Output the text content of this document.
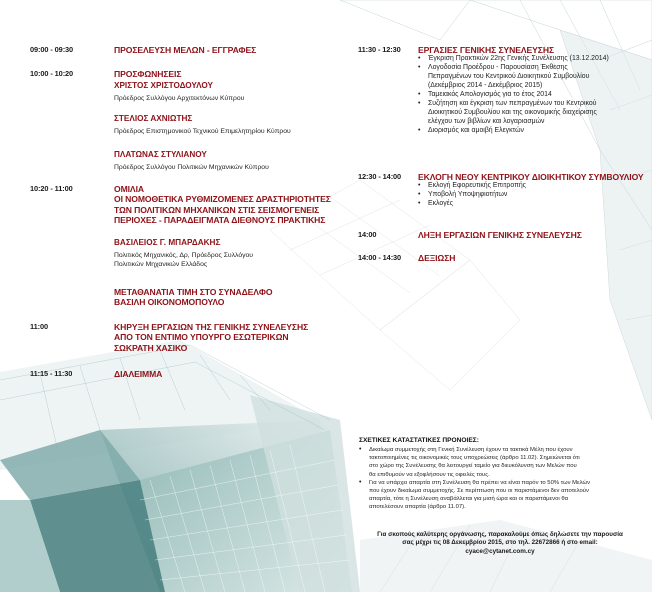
09:00 - 09:30	ΠΡΟΣΕΛΕΥΣΗ ΜΕΛΩΝ - ΕΓΓΡΑΦΕΣ
10:00 - 10:20	ΠΡΟΣΦΩΝΗΣΕΙΣ
ΧΡΙΣΤΟΣ ΧΡΙΣΤΟΔΟΥΛΟΥ
Πρόεδρος Συλλόγου Αρχιτεκτόνων Κύπρου
ΣΤΕΛΙΟΣ ΑΧΝΙΩΤΗΣ
Πρόεδρος Επιστημονικού Τεχνικού Επιμελητηρίου Κύπρου
ΠΛΑΤΩΝΑΣ ΣΤΥΛΙΑΝΟΥ
Πρόεδρος Συλλόγου Πολιτικών Μηχανικών Κύπρου
10:20 - 11:00	ΟΜΙΛΙΑ
ΟΙ ΝΟΜΟΘΕΤΙΚΑ ΡΥΘΜΙΖΟΜΕΝΕΣ ΔΡΑΣΤΗΡΙΟΤΗΤΕΣ
ΤΩΝ ΠΟΛΙΤΙΚΩΝ ΜΗΧΑΝΙΚΩΝ ΣΤΙΣ ΣΕΙΣΜΟΓΕΝΕΙΣ
ΠΕΡΙΟΧΕΣ - ΠΑΡΑΔΕΙΓΜΑΤΑ ΔΙΕΘΝΟΥΣ ΠΡΑΚΤΙΚΗΣ
ΒΑΣΙΛΕΙΟΣ Γ. ΜΠΑΡΔΑΚΗΣ
Πολιτικός Μηχανικός, Δρ, Πρόεδρος Συλλόγου
Πολιτικών Μηχανικών Ελλάδος
ΜΕΤΑΘΑΝΑΤΙΑ ΤΙΜΗ ΣΤΟ ΣΥΝΑΔΕΛΦΟ
ΒΑΣΙΛΗ ΟΙΚΟΝΟΜΟΠΟΥΛΟ
11:00	ΚΗΡΥΞΗ ΕΡΓΑΣΙΩΝ ΤΗΣ ΓΕΝΙΚΗΣ ΣΥΝΕΛΕΥΣΗΣ
ΑΠΟ ΤΟΝ ΕΝΤΙΜΟ ΥΠΟΥΡΓΟ ΕΣΩΤΕΡΙΚΩΝ
ΣΩΚΡΑΤΗ ΧΑΣΙΚΟ
11:15 - 11:30	ΔΙΑΛΕΙΜΜΑ
11:30 - 12:30	ΕΡΓΑΣΙΕΣ ΓΕΝΙΚΗΣ ΣΥΝΕΛΕΥΣΗΣ
• Έγκριση Πρακτικών 22ης Γενικής Συνέλευσης (13.12.2014)
• Λογοδοσία Προέδρου - Παρουσίαση Έκθεσης
Πεπραγμένων του Κεντρικού Διοικητικού Συμβουλίου
(Δεκέμβριος 2014 - Δεκέμβριος 2015)
• Ταμειακός Απολογισμός για το έτος 2014
• Συζήτηση και έγκριση των πεπραγμένων του Κεντρικού
Διοικητικού Συμβουλίου και της οικονομικής διαχείρισης
ελέγχου των βιβλίων και λογαριασμών
• Διορισμός και αμοιβή Ελεγκτών
12:30 - 14:00	ΕΚΛΟΓΗ ΝΕΟΥ ΚΕΝΤΡΙΚΟΥ ΔΙΟΙΚΗΤΙΚΟΥ ΣΥΜΒΟΥΛΙΟΥ
• Εκλογή Εφορευτικής Επιτροπής
• Υποβολή Υποψηφιοτήτων
• Εκλογές
14:00	ΛΗΞΗ ΕΡΓΑΣΙΩΝ ΓΕΝΙΚΗΣ ΣΥΝΕΛΕΥΣΗΣ
14:00 - 14:30	ΔΕΞΙΩΣΗ
ΣΧΕΤΙΚΕΣ ΚΑΤΑΣΤΑΤΙΚΕΣ ΠΡΟΝΟΙΕΣ:
• Δικαίωμα συμμετοχής στη Γενική Συνέλευση έχουν τα τακτικά Μέλη που έχουν
τακτοποιημένες τις οικονομικές τους υποχρεώσεις (άρθρο 11.02). Σημειώνεται ότι
στο χώρο της Συνέλευσης θα λειτουργεί ταμείο για διευκόλυνση των Μελών που
θα επιθυμούν να εξοφλήσουν τις οφειλές τους.
• Για να υπάρχει απαρτία στη Συνέλευση θα πρέπει να είναι παρόν το 50% των Μελών
που έχουν δικαίωμα συμμετοχής. Σε περίπτωση που οι παριστάμενοι δεν αποτελούν
απαρτία, τότε η Συνέλευση αναβάλλεται για μισή ώρα και οι παριστάμενοι θα
αποτελέσουν απαρτία (άρθρο 11.07).
Για σκοπούς καλύτερης οργάνωσης, παρακαλούμε όπως δηλώσετε την παρουσία
σας μέχρι τις 08 Δεκεμβρίου 2015, στο τηλ. 22672866 ή στο email:
cyace@cytanet.com.cy
